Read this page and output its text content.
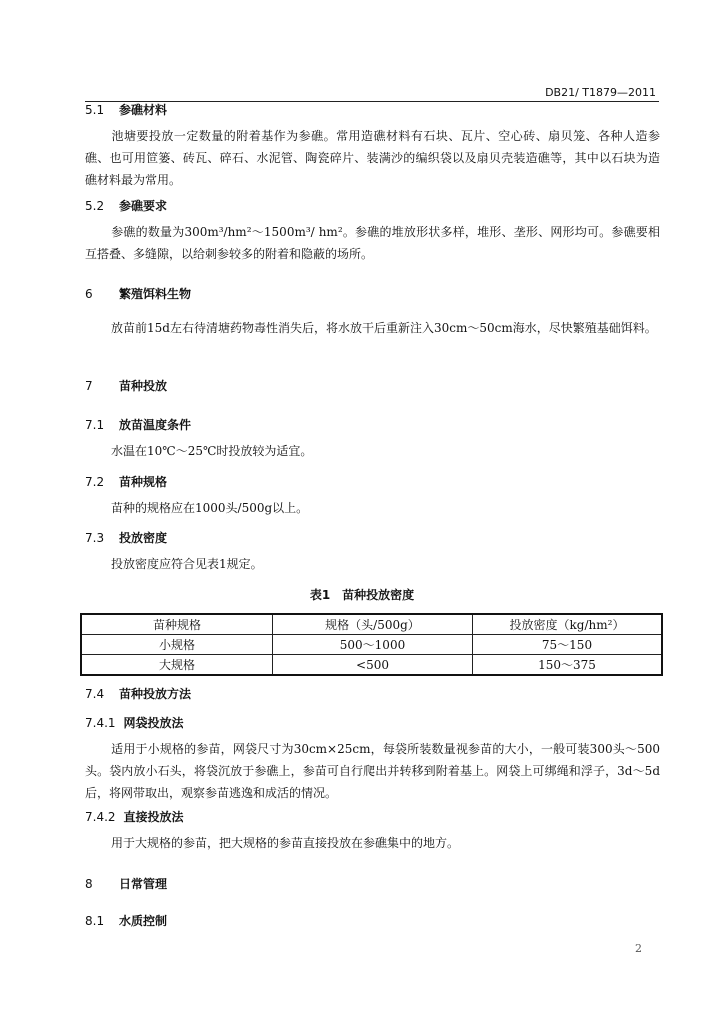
DB21/ T1879—2011
5.1 参礁材料
池塘要投放一定数量的附着基作为参礁。常用造礁材料有石块、瓦片、空心砖、扇贝笼、各种人造参礁、也可用笸篓、砖瓦、碎石、水泥管、陶瓷碎片、装满沙的编织袋以及扇贝壳装造礁等，其中以石块为造礁材料最为常用。
5.2 参礁要求
参礁的数量为300m³/hm²～1500m³/ hm²。参礁的堆放形状多样，堆形、垄形、网形均可。参礁要相互搭叠、多缝隙，以给刺参较多的附着和隐蔽的场所。
6 繁殖饵料生物
放苗前15d左右待清塘药物毒性消失后，将水放干后重新注入30cm～50cm海水，尽快繁殖基础饵料。
7 苗种投放
7.1 放苗温度条件
水温在10℃～25℃时投放较为适宜。
7.2 苗种规格
苗种的规格应在1000头/500g以上。
7.3 投放密度
投放密度应符合见表1规定。
表1　苗种投放密度
苗种规格	规格（头/500g）	投放密度（kg/hm²）
小规格	500～1000	75～150
大规格	<500	150～375
7.4 苗种投放方法
7.4.1 网袋投放法
适用于小规格的参苗，网袋尺寸为30cm×25cm，每袋所装数量视参苗的大小，一般可装300头～500头。袋内放小石头，将袋沉放于参礁上，参苗可自行爬出并转移到附着基上。网袋上可绑绳和浮子，3d～5d后，将网带取出，观察参苗逃逸和成活的情况。
7.4.2 直接投放法
用于大规格的参苗，把大规格的参苗直接投放在参礁集中的地方。
8 日常管理
8.1 水质控制
2
